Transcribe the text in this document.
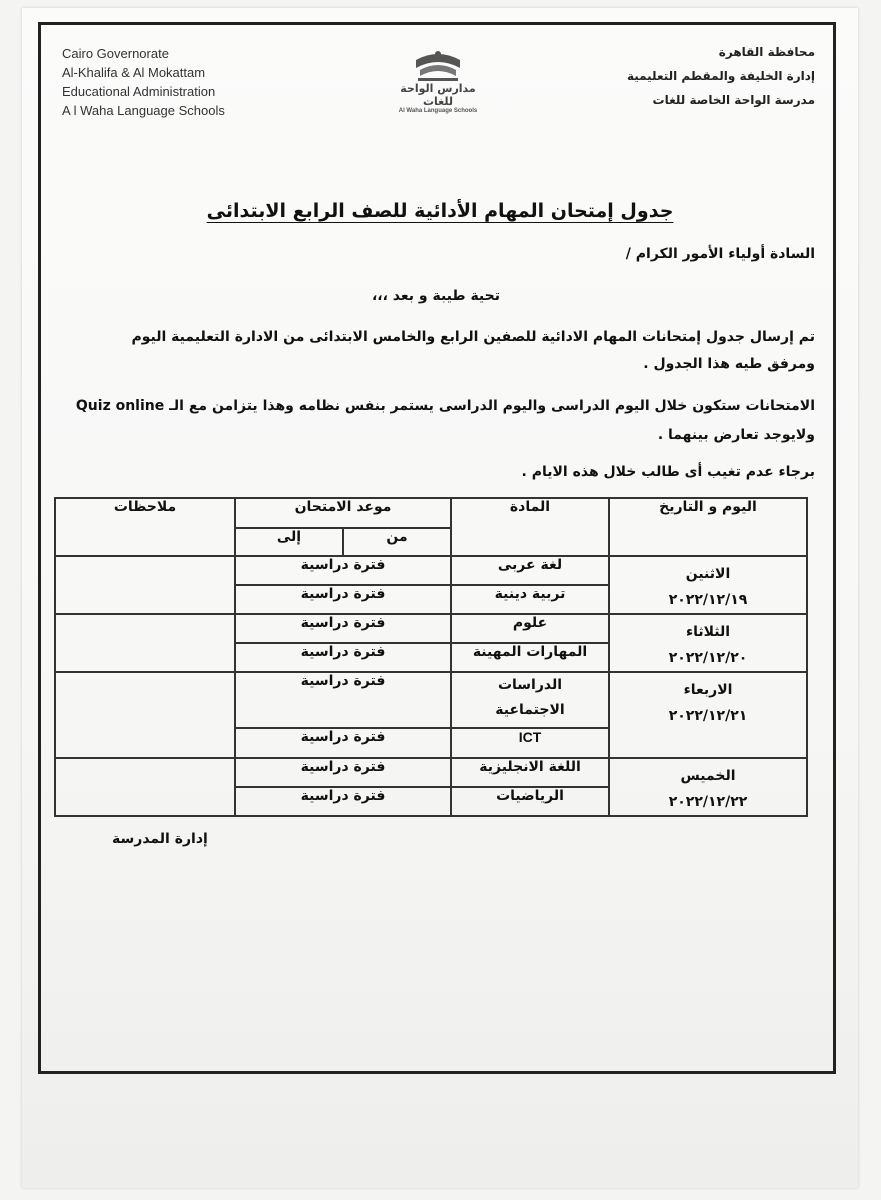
Cairo Governorate
Al-Khalifa & Al Mokattam
Educational Administration
A l Waha Language Schools
مدارس الواحة للغات
Al Waha Language Schools
محافظة القاهرة
إدارة الخليفة والمقطم التعليمية
مدرسة الواحة الخاصة للغات
جدول إمتحان المهام الأدائية للصف الرابع الابتدائى
السادة أولياء الأمور الكرام /
تحية طيبة و بعد ،،،
تم إرسال جدول إمتحانات المهام الادائية للصفين الرابع والخامس الابتدائى من الادارة التعليمية اليوم ومرفق طيه هذا الجدول .
الامتحانات ستكون خلال اليوم الدراسى واليوم الدراسى يستمر بنفس نظامه وهذا يتزامن مع الـ Quiz online ولايوجد تعارض بينهما .
برجاء عدم تغيب أى طالب خلال هذه الايام .
اليوم و التاريخ	المادة	موعد الامتحان		ملاحظات
		من	إلى	

الاثنين
٢٠٢٢/١٢/١٩	لغة عربى	فترة دراسية		
	تربية دينية	فترة دراسية		

الثلاثاء
٢٠٢٢/١٢/٢٠	علوم	فترة دراسية		
	المهارات المهينة	فترة دراسية		

الاربعاء
٢٠٢٢/١٢/٢١	الدراسات الاجتماعية	فترة دراسية		
	ICT	فترة دراسية		

الخميس
٢٠٢٢/١٢/٢٢	اللغة الانجليزية	فترة دراسية		
	الرياضيات	فترة دراسية		
إدارة المدرسة
